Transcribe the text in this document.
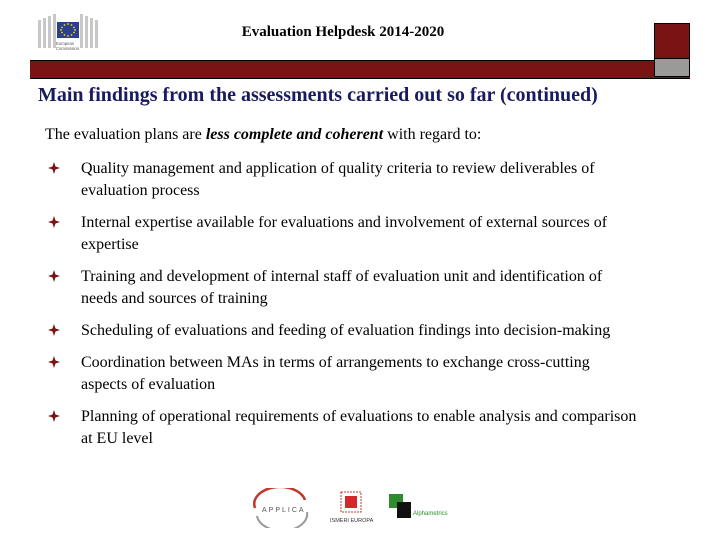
European
Commission
Evaluation Helpdesk 2014-2020
Main findings from the assessments carried out so far (continued)
The evaluation plans are less complete and coherent with regard to:
Quality management and application of quality criteria to review deliverables of
evaluation process
Internal expertise available for evaluations and involvement of external sources of
expertise
Training and development of internal staff of evaluation unit and identification of
needs and sources of training
Scheduling of evaluations and feeding of evaluation findings into decision-making
Coordination between MAs in terms of arrangements to exchange cross-cutting
aspects of evaluation
Planning of operational requirements of evaluations to enable analysis and comparison
at EU level
APPLICA
ISMERI EUROPA
Alphametrics
